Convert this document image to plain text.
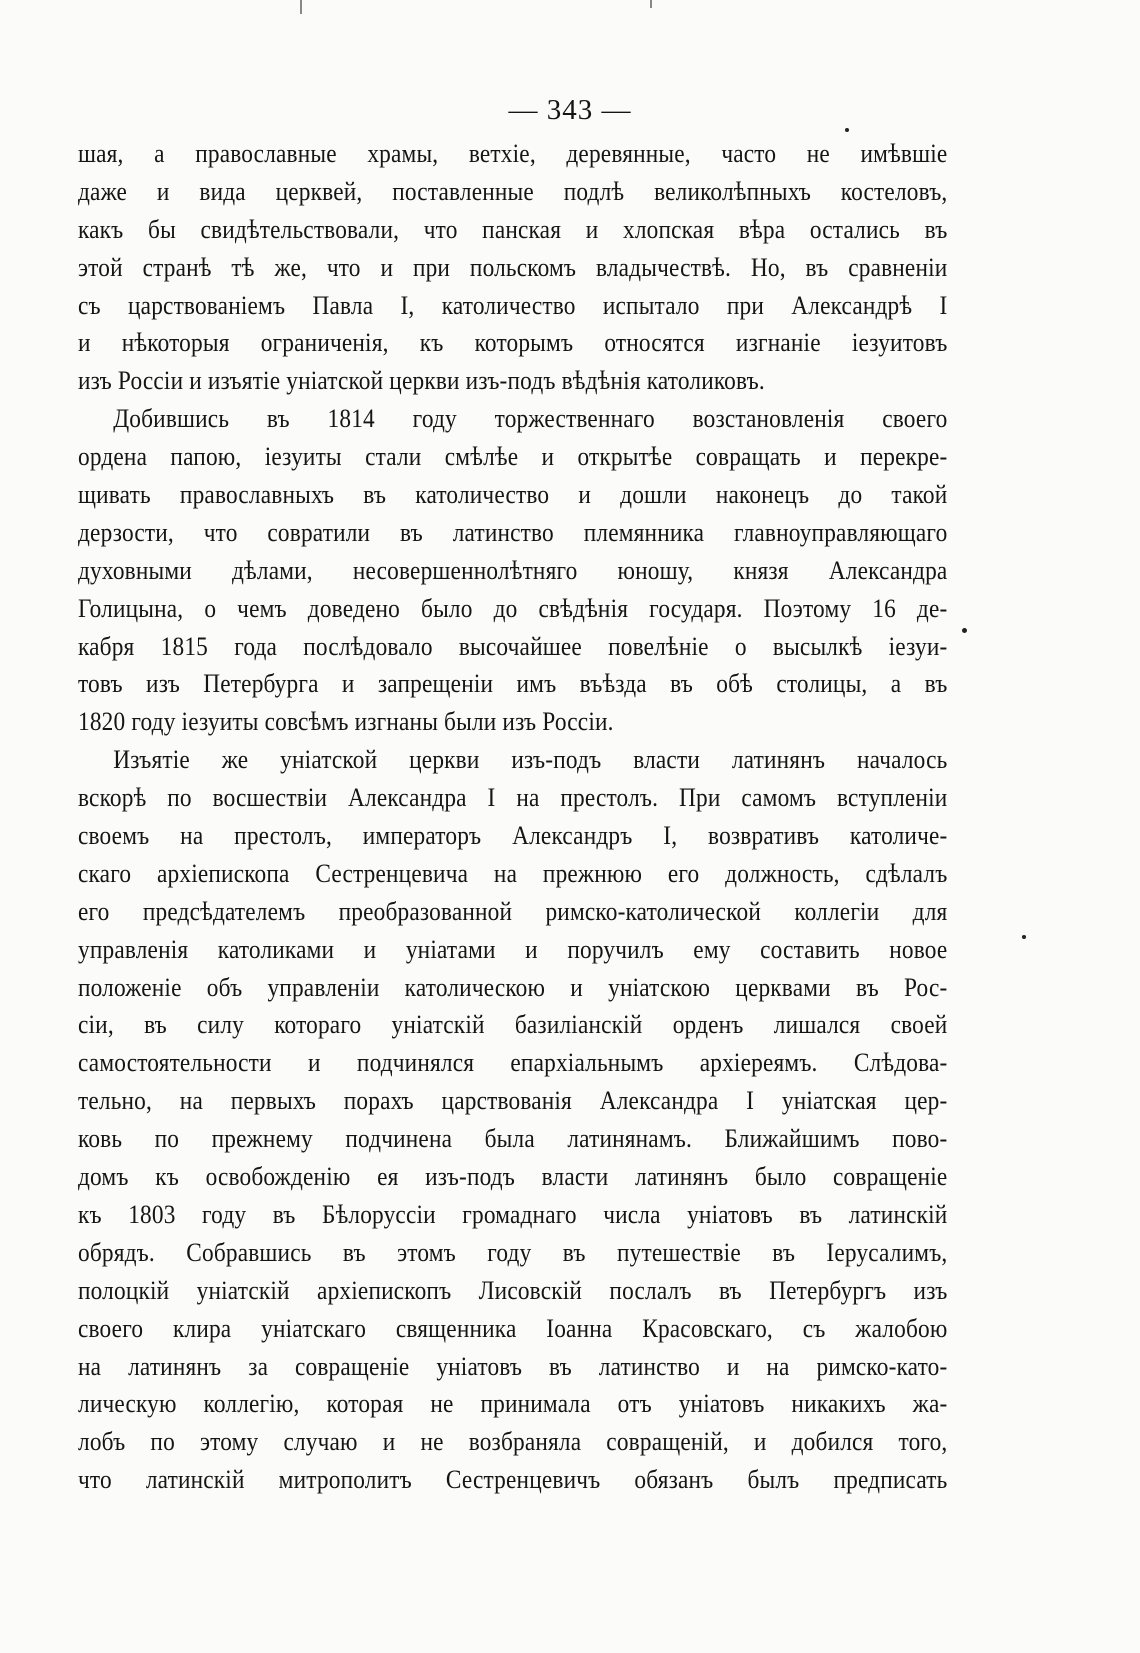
— 343 —
шая, а православные храмы, ветхіе, деревянные, часто не имѣвшіе
даже и вида церквей, поставленные подлѣ великолѣпныхъ костеловъ,
какъ бы свидѣтельствовали, что панская и хлопская вѣра остались въ
этой странѣ тѣ же, что и при польскомъ владычествѣ. Но, въ сравненіи
съ царствованіемъ Павла I, католичество испытало при Александрѣ I
и нѣкоторыя ограниченія, къ которымъ относятся изгнаніе іезуитовъ
изъ Россіи и изъятіе уніатской церкви изъ-подъ вѣдѣнія католиковъ.
Добившись въ 1814 году торжественнаго возстановленія своего
ордена папою, іезуиты стали смѣлѣе и открытѣе совращать и перекре-
щивать православныхъ въ католичество и дошли наконецъ до такой
дерзости, что совратили въ латинство племянника главноуправляющаго
духовными дѣлами, несовершеннолѣтняго юношу, князя Александра
Голицына, о чемъ доведено было до свѣдѣнія государя. Поэтому 16 де-
кабря 1815 года послѣдовало высочайшее повелѣніе о высылкѣ іезуи-
товъ изъ Петербурга и запрещеніи имъ въѣзда въ обѣ столицы, а въ
1820 году іезуиты совсѣмъ изгнаны были изъ Россіи.
Изъятіе же уніатской церкви изъ-подъ власти латинянъ началось
вскорѣ по восшествіи Александра I на престолъ. При самомъ вступленіи
своемъ на престолъ, императоръ Александръ I, возвративъ католиче-
скаго архіепископа Сестренцевича на прежнюю его должность, сдѣлалъ
его предсѣдателемъ преобразованной римско-католической коллегіи для
управленія католиками и уніатами и поручилъ ему составить новое
положеніе объ управленіи католическою и уніатскою церквами въ Рос-
сіи, въ силу котораго уніатскій базиліанскій орденъ лишался своей
самостоятельности и подчинялся епархіальнымъ архіереямъ. Слѣдова-
тельно, на первыхъ порахъ царствованія Александра I уніатская цер-
ковь по прежнему подчинена была латинянамъ. Ближайшимъ пово-
домъ къ освобожденію ея изъ-подъ власти латинянъ было совращеніе
къ 1803 году въ Бѣлоруссіи громаднаго числа уніатовъ въ латинскій
обрядъ. Собравшись въ этомъ году въ путешествіе въ Іерусалимъ,
полоцкій уніатскій архіепископъ Лисовскій послалъ въ Петербургъ изъ
своего клира уніатскаго священника Іоанна Красовскаго, съ жалобою
на латинянъ за совращеніе уніатовъ въ латинство и на римско-като-
лическую коллегію, которая не принимала отъ уніатовъ никакихъ жа-
лобъ по этому случаю и не возбраняла совращеній, и добился того,
что латинскій митрополитъ Сестренцевичъ обязанъ былъ предписать
